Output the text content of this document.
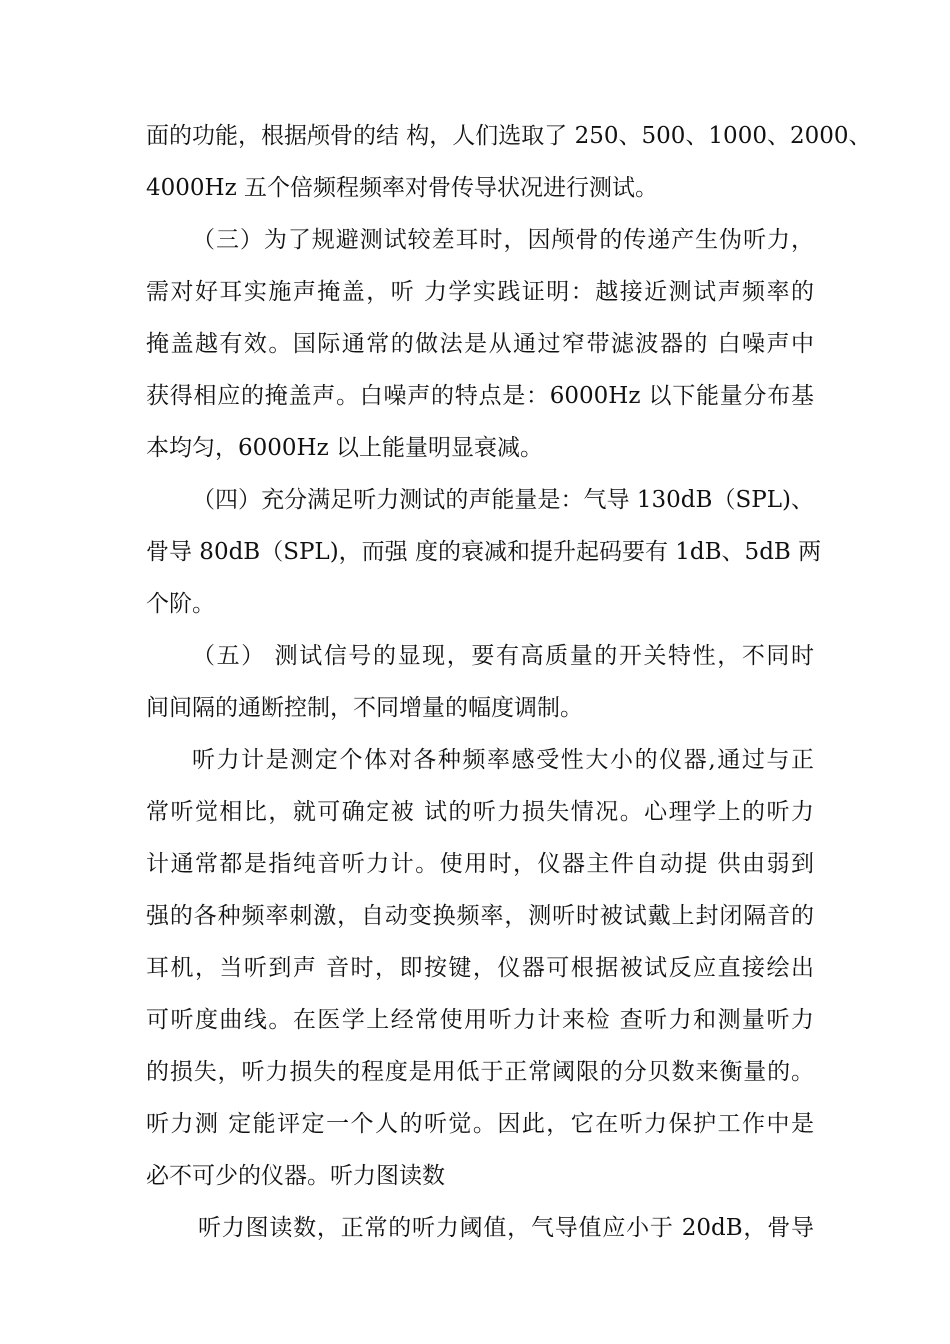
面的功能，根据颅骨的结 构，人们选取了 250、500、1000、2000、
4000Hz 五个倍频程频率对骨传导状况进行测试。
（三）为了规避测试较差耳时，因颅骨的传递产生伪听力，
需对好耳实施声掩盖，听 力学实践证明：越接近测试声频率的
掩盖越有效。国际通常的做法是从通过窄带滤波器的 白噪声中
获得相应的掩盖声。白噪声的特点是：6000Hz 以下能量分布基
本均匀，6000Hz 以上能量明显衰减。
（四）充分满足听力测试的声能量是：气导 130dB（SPL)、
骨导 80dB（SPL)，而强 度的衰减和提升起码要有 1dB、5dB 两
个阶。
（五） 测试信号的显现，要有高质量的开关特性，不同时
间间隔的通断控制，不同增量的幅度调制。
听力计是测定个体对各种频率感受性大小的仪器,通过与正
常听觉相比，就可确定被 试的听力损失情况。心理学上的听力
计通常都是指纯音听力计。使用时，仪器主件自动提 供由弱到
强的各种频率刺激，自动变换频率，测听时被试戴上封闭隔音的
耳机，当听到声 音时，即按键，仪器可根据被试反应直接绘出
可听度曲线。在医学上经常使用听力计来检 查听力和测量听力
的损失，听力损失的程度是用低于正常阈限的分贝数来衡量的。
听力测 定能评定一个人的听觉。因此，它在听力保护工作中是
必不可少的仪器。听力图读数
听力图读数，正常的听力阈值，气导值应小于 20dB，骨导
